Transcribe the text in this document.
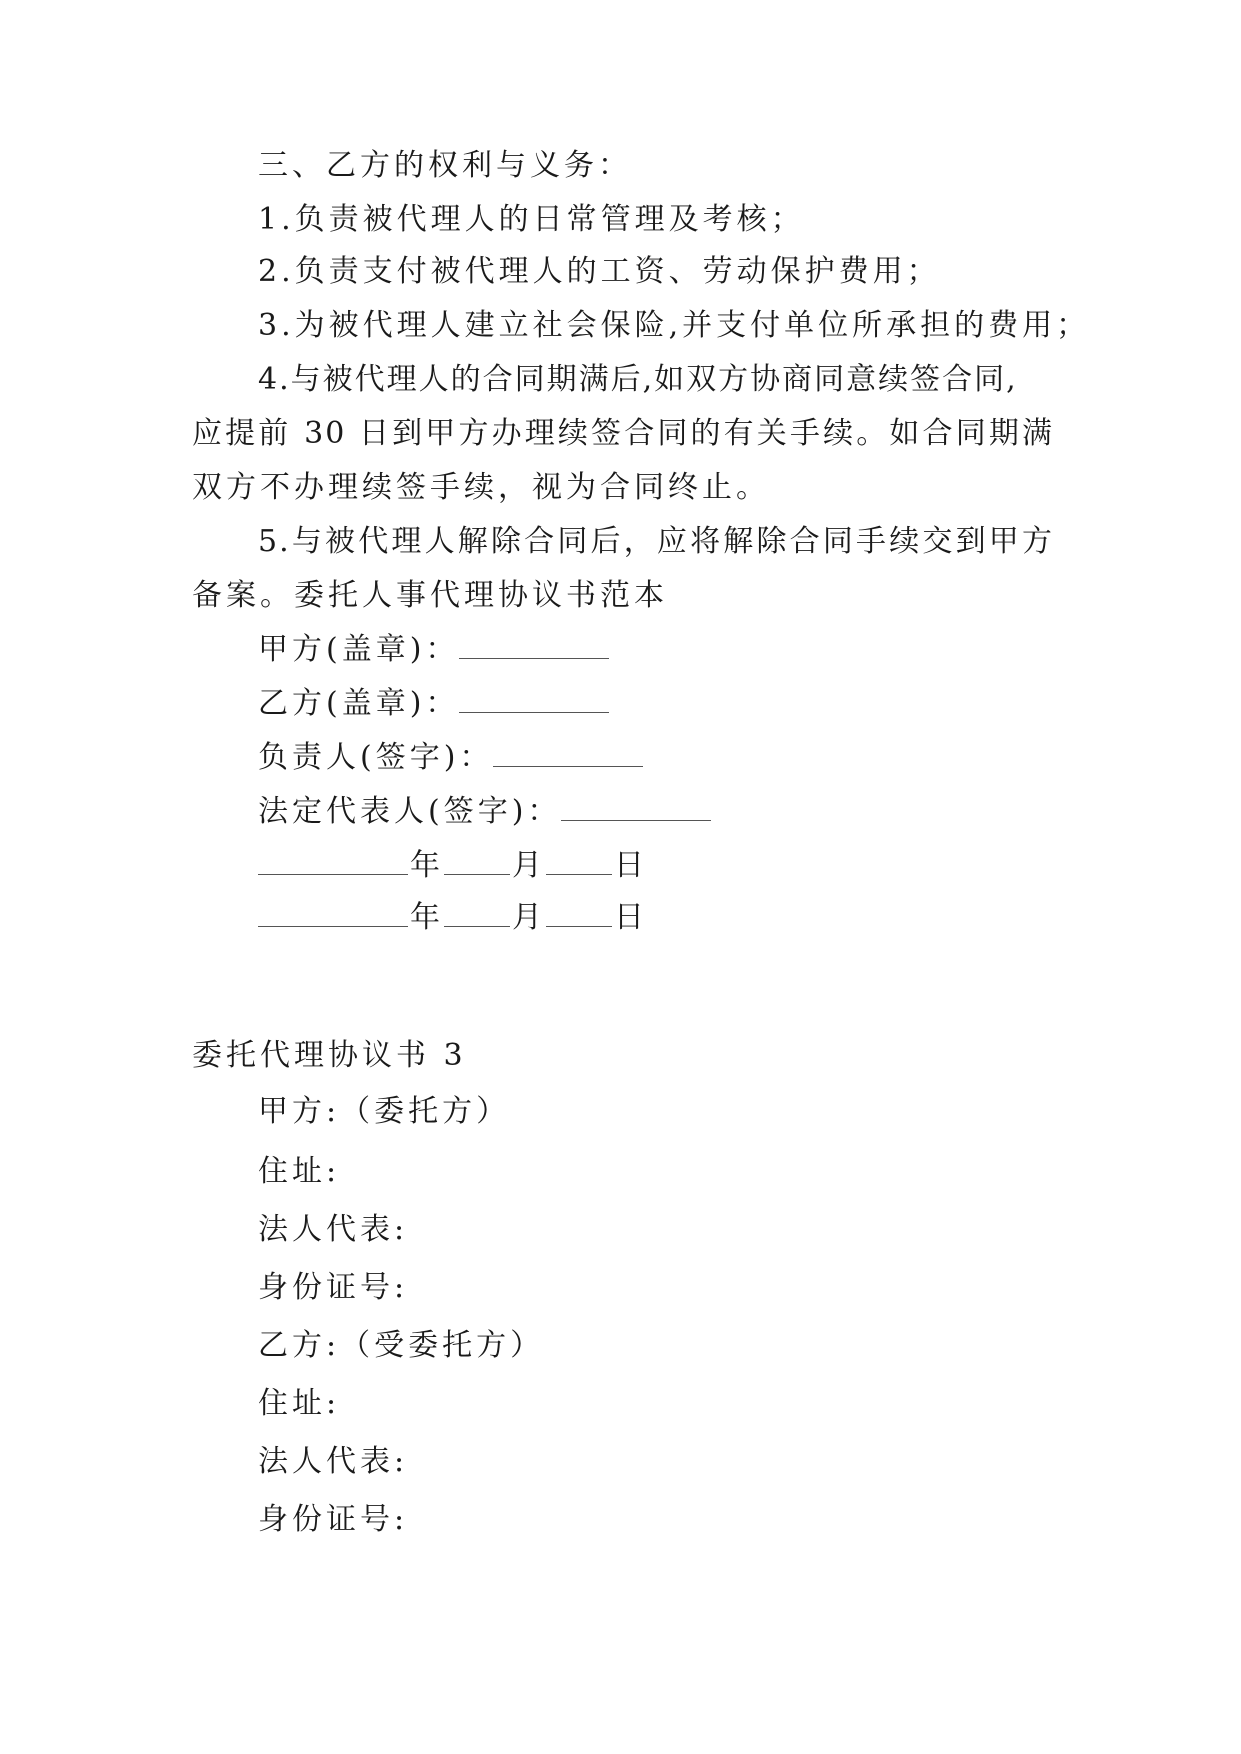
三、乙方的权利与义务：

1.负责被代理人的日常管理及考核；

2.负责支付被代理人的工资、劳动保护费用；

3.为被代理人建立社会保险,并支付单位所承担的费用；

4.与被代理人的合同期满后,如双方协商同意续签合同,

应提前 30 日到甲方办理续签合同的有关手续。如合同期满

双方不办理续签手续，视为合同终止。

5.与被代理人解除合同后，应将解除合同手续交到甲方

备案。委托人事代理协议书范本

甲方(盖章)：

乙方(盖章)：

负责人(签字)：

法定代表人(签字)：

年 月 日

年 月 日

委托代理协议书 3

甲方:（委托方）

住址:

法人代表:

身份证号:

乙方:（受委托方）

住址:

法人代表:

身份证号:
